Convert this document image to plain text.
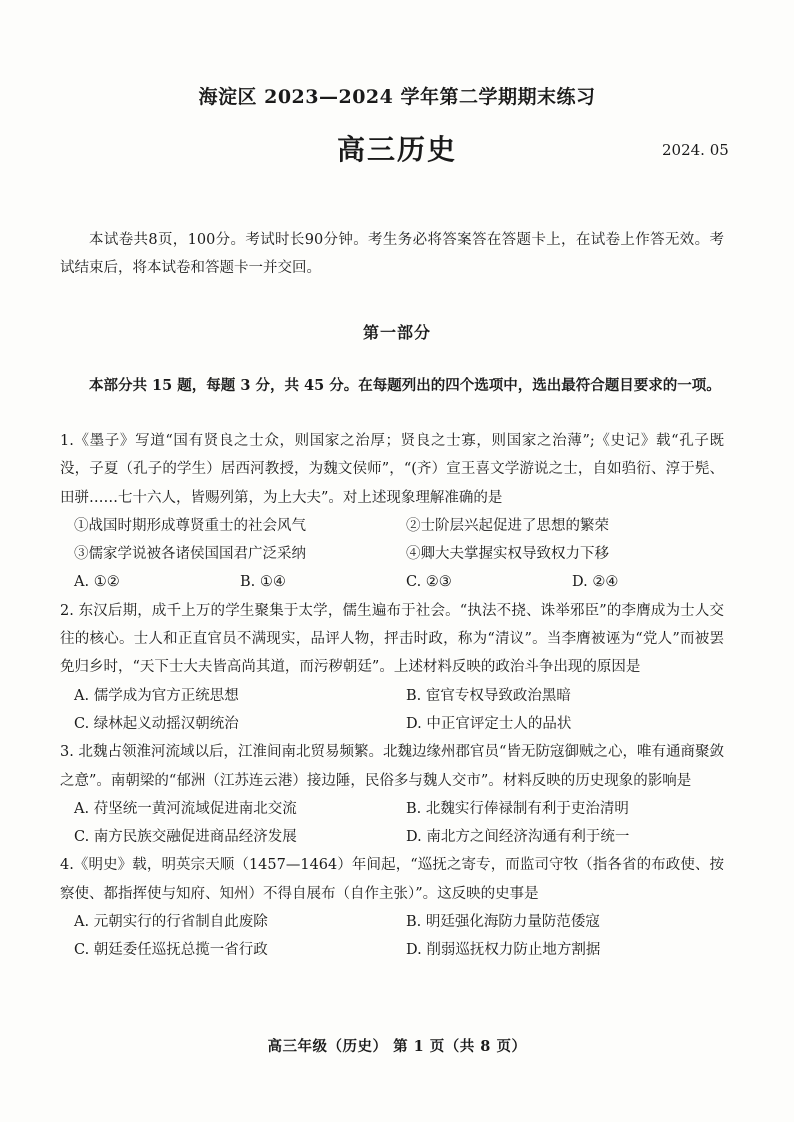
海淀区 2023—2024 学年第二学期期末练习
高三历史	2024. 05
本试卷共8页，100分。考试时长90分钟。考生务必将答案答在答题卡上，在试卷上作答无效。考试结束后，将本试卷和答题卡一并交回。
第一部分
本部分共 15 题，每题 3 分，共 45 分。在每题列出的四个选项中，选出最符合题目要求的一项。
1.《墨子》写道“国有贤良之士众，则国家之治厚；贤良之士寡，则国家之治薄”;《史记》载“孔子既没，子夏（孔子的学生）居西河教授，为魏文侯师”，“(齐）宣王喜文学游说之士，自如驺衍、淳于髡、田骈……七十六人，皆赐列第，为上大夫”。对上述现象理解准确的是
①战国时期形成尊贤重士的社会风气	②士阶层兴起促进了思想的繁荣
③儒家学说被各诸侯国国君广泛采纳	④卿大夫掌握实权导致权力下移
A. ①②	B. ①④	C. ②③	D. ②④
2. 东汉后期，成千上万的学生聚集于太学，儒生遍布于社会。“执法不挠、诛举邪臣”的李膺成为士人交往的核心。士人和正直官员不满现实，品评人物，抨击时政，称为“清议”。当李膺被诬为“党人”而被罢免归乡时，“天下士大夫皆高尚其道，而污秽朝廷”。上述材料反映的政治斗争出现的原因是
A. 儒学成为官方正统思想	B. 宦官专权导致政治黑暗
C. 绿林起义动摇汉朝统治	D. 中正官评定士人的品状
3. 北魏占领淮河流域以后，江淮间南北贸易频繁。北魏边缘州郡官员“皆无防寇御贼之心，唯有通商聚敛之意”。南朝梁的“郁洲（江苏连云港）接边陲，民俗多与魏人交市”。材料反映的历史现象的影响是
A. 苻坚统一黄河流域促进南北交流	B. 北魏实行俸禄制有利于吏治清明
C. 南方民族交融促进商品经济发展	D. 南北方之间经济沟通有利于统一
4.《明史》载，明英宗天顺（1457—1464）年间起，“巡抚之寄专，而监司守牧（指各省的布政使、按察使、都指挥使与知府、知州）不得自展布（自作主张）”。这反映的史事是
A. 元朝实行的行省制自此废除	B. 明廷强化海防力量防范倭寇
C. 朝廷委任巡抚总揽一省行政	D. 削弱巡抚权力防止地方割据
高三年级（历史） 第 1 页（共 8 页）
